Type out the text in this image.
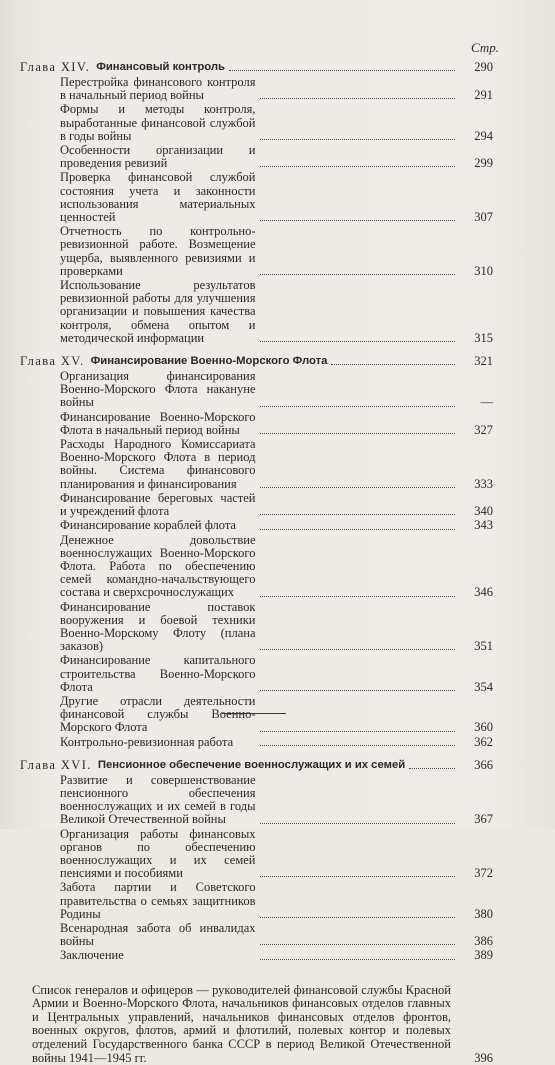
Стр.
Глава XIV. Финансовый контроль	290
Перестройка финансового контроля в начальный период войны	291
Формы и методы контроля, выработанные финансовой службой в годы войны	294
Особенности организации и проведения ревизий	299
Проверка финансовой службой состояния учета и законности использования материальных ценностей	307
Отчетность по контрольно-ревизионной работе. Возмещение ущерба, выявленного ревизиями и проверками	310
Использование результатов ревизионной работы для улучшения организации и повышения качества контроля, обмена опытом и методической информации	315
Глава XV. Финансирование Военно-Морского Флота	321
Организация финансирования Военно-Морского Флота накануне войны	—
Финансирование Военно-Морского Флота в начальный период войны	327
Расходы Народного Комиссариата Военно-Морского Флота в период войны. Система финансового планирования и финансирования	333
Финансирование береговых частей и учреждений флота	340
Финансирование кораблей флота	343
Денежное довольствие военнослужащих Военно-Морского Флота. Работа по обеспечению семей командно-начальствующего состава и сверхсрочнослужащих	346
Финансирование поставок вооружения и боевой техники Военно-Морскому Флоту (плана заказов)	351
Финансирование капитального строительства Военно-Морского Флота	354
Другие отрасли деятельности финансовой службы Военно-Морского Флота	360
Контрольно-ревизионная работа	362
Глава XVI. Пенсионное обеспечение военнослужащих и их семей	366
Развитие и совершенствование пенсионного обеспечения военнослужащих и их семей в годы Великой Отечественной войны	367
Организация работы финансовых органов по обеспечению военнослужащих и их семей пенсиями и пособиями	372
Забота партии и Советского правительства о семьях защитников Родины	380
Всенародная забота об инвалидах войны	386
Заключение	389
Список генералов и офицеров — руководителей финансовой службы Красной Армии и Военно-Морского Флота, начальников финансовых отделов главных и Центральных управлений, начальников финансовых отделов фронтов, военных округов, флотов, армий и флотилий, полевых контор и полевых отделений Государственного банка СССР в период Великой Отечественной войны 1941—1945 гг.	396
